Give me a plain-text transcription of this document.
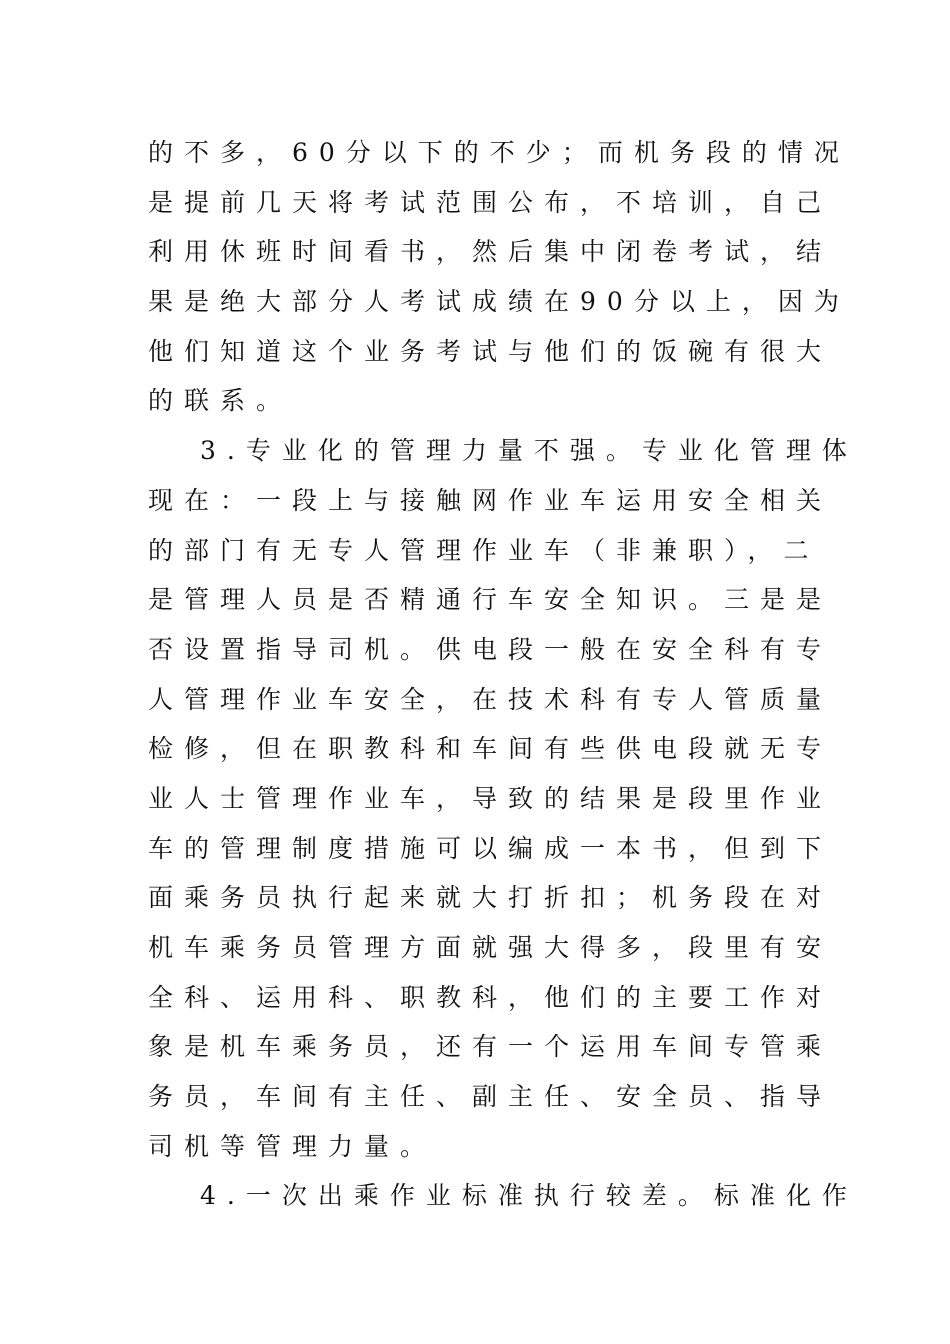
的不多，60分以下的不少；而机务段的情况
是提前几天将考试范围公布，不培训，自己
利用休班时间看书，然后集中闭卷考试，结
果是绝大部分人考试成绩在90分以上，因为
他们知道这个业务考试与他们的饭碗有很大
的联系。
3.专业化的管理力量不强。专业化管理体
现在：一段上与接触网作业车运用安全相关
的部门有无专人管理作业车（非兼职），二
是管理人员是否精通行车安全知识。三是是
否设置指导司机。供电段一般在安全科有专
人管理作业车安全，在技术科有专人管质量
检修，但在职教科和车间有些供电段就无专
业人士管理作业车，导致的结果是段里作业
车的管理制度措施可以编成一本书，但到下
面乘务员执行起来就大打折扣；机务段在对
机车乘务员管理方面就强大得多，段里有安
全科、运用科、职教科，他们的主要工作对
象是机车乘务员，还有一个运用车间专管乘
务员，车间有主任、副主任、安全员、指导
司机等管理力量。
4.一次出乘作业标准执行较差。标准化作
